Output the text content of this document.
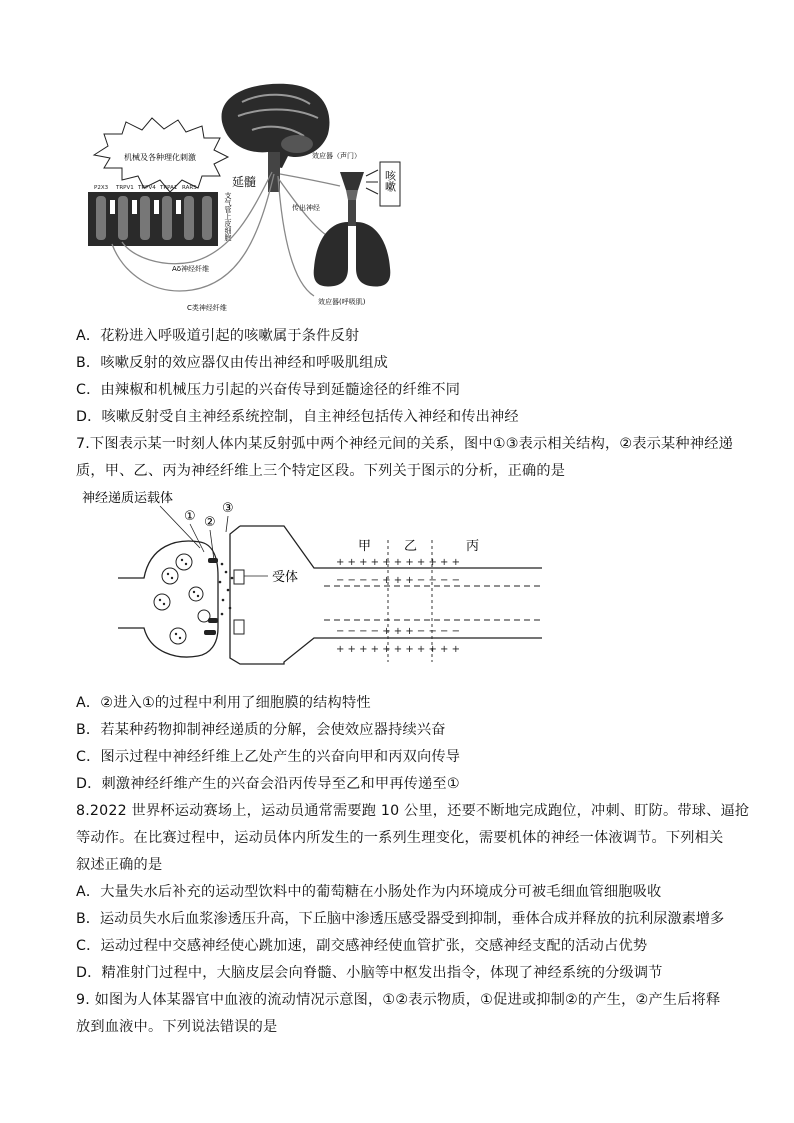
机械及各种理化刺激
P2X3 TRPV1 TRPV4 TRPA1 RARS
支气管上皮细胞
延髓
Aδ神经纤维
C类神经纤维
传出神经
效应器（声门）
咳嗽
效应器(呼吸肌)
A．花粉进入呼吸道引起的咳嗽属于条件反射
B．咳嗽反射的效应器仅由传出神经和呼吸肌组成
C．由辣椒和机械压力引起的兴奋传导到延髓途径的纤维不同
D．咳嗽反射受自主神经系统控制，自主神经包括传入神经和传出神经
7.下图表示某一时刻人体内某反射弧中两个神经元间的关系，图中①③表示相关结构，②表示某种神经递
质，甲、乙、丙为神经纤维上三个特定区段。下列关于图示的分析，正确的是
神经递质运载体
① ②
③
受体
甲	乙	丙
+ + + + + + + + + + +
− − − − + + + − − − −
− − − − + + + − − − −
+ + + + + + + + + + +
A．②进入①的过程中利用了细胞膜的结构特性
B．若某种药物抑制神经递质的分解，会使效应器持续兴奋
C．图示过程中神经纤维上乙处产生的兴奋向甲和丙双向传导
D．刺激神经纤维产生的兴奋会沿丙传导至乙和甲再传递至①
8.2022 世界杯运动赛场上，运动员通常需要跑 10 公里，还要不断地完成跑位，冲刺、盯防。带球、逼抢
等动作。在比赛过程中，运动员体内所发生的一系列生理变化，需要机体的神经一体液调节。下列相关
叙述正确的是
A．大量失水后补充的运动型饮料中的葡萄糖在小肠处作为内环境成分可被毛细血管细胞吸收
B．运动员失水后血浆渗透压升高，下丘脑中渗透压感受器受到抑制，垂体合成并释放的抗利尿激素增多
C．运动过程中交感神经使心跳加速，副交感神经使血管扩张，交感神经支配的活动占优势
D．精准射门过程中，大脑皮层会向脊髓、小脑等中枢发出指令，体现了神经系统的分级调节
9. 如图为人体某器官中血液的流动情况示意图，①②表示物质，①促进或抑制②的产生，②产生后将释
放到血液中。下列说法错误的是
